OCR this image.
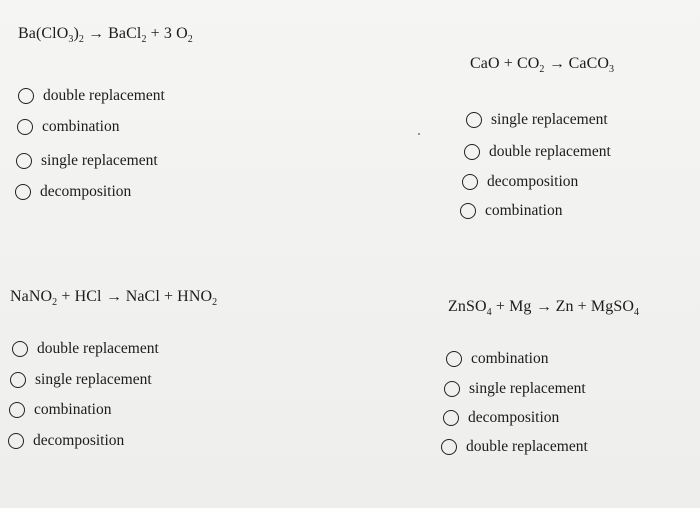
$Ba(ClO_3)_2$ → BaCl$_2$ + 3 $O_2$
double replacement
combination
single replacement
decomposition
CaO + $CO_2$ → CaCO$_3$
single replacement
double replacement
decomposition
combination
NaNO$_2$ + HCl → NaCl + $HNO_2$
double replacement
single replacement
combination
decomposition
ZnSO$_4$ + Mg → Zn + MgSO$_4$
combination
single replacement
decomposition
double replacement
